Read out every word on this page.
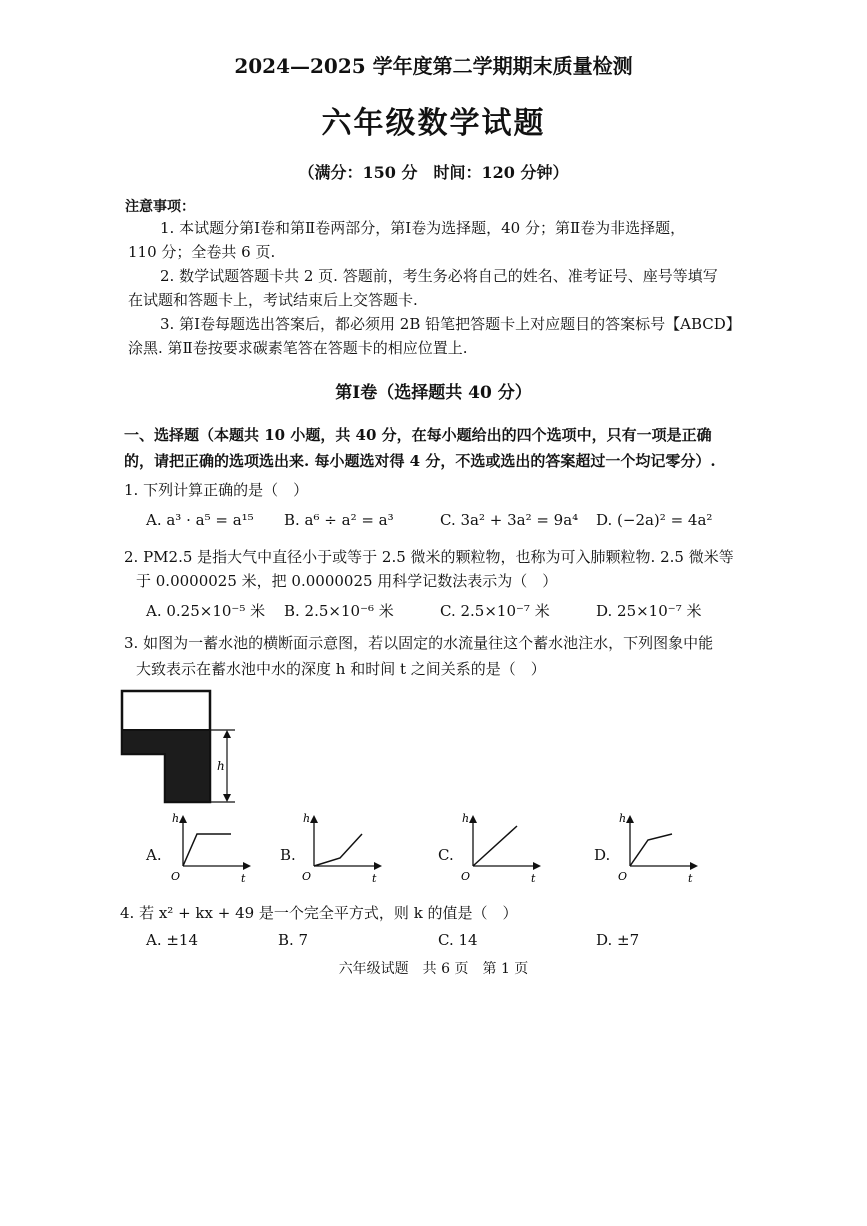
2024—2025 学年度第二学期期末质量检测
六年级数学试题
（满分：150 分　时间：120 分钟）
注意事项：
1. 本试题分第Ⅰ卷和第Ⅱ卷两部分，第Ⅰ卷为选择题，40 分；第Ⅱ卷为非选择题，
110 分；全卷共 6 页.
2. 数学试题答题卡共 2 页. 答题前，考生务必将自己的姓名、准考证号、座号等填写
在试题和答题卡上，考试结束后上交答题卡.
3. 第Ⅰ卷每题选出答案后，都必须用 2B 铅笔把答题卡上对应题目的答案标号【ABCD】
涂黑. 第Ⅱ卷按要求碳素笔答在答题卡的相应位置上.
第Ⅰ卷（选择题共 40 分）
一、选择题（本题共 10 小题，共 40 分，在每小题给出的四个选项中，只有一项是正确
的，请把正确的选项选出来. 每小题选对得 4 分，不选或选出的答案超过一个均记零分）.
1. 下列计算正确的是（　）
A. a³ · a⁵ = a¹⁵ B. a⁶ ÷ a² = a³	C. 3a² + 3a² = 9a⁴ D. (−2a)² = 4a²
2. PM2.5 是指大气中直径小于或等于 2.5 微米的颗粒物，也称为可入肺颗粒物. 2.5 微米等
于 0.0000025 米，把 0.0000025 用科学记数法表示为（　）
A. 0.25×10⁻⁵ 米 B. 2.5×10⁻⁶ 米	C. 2.5×10⁻⁷ 米	D. 25×10⁻⁷ 米
3. 如图为一蓄水池的横断面示意图，若以固定的水流量往这个蓄水池注水，下列图象中能
大致表示在蓄水池中水的深度 h 和时间 t 之间关系的是（　）
h
A.
h
t
O
B.
h
t
O
C.
h
t
O
D.
h
t
O
4. 若 x² + kx + 49 是一个完全平方式，则 k 的值是（　）
A. ±14	B. 7	C. 14	D. ±7
六年级试题　共 6 页　第 1 页
